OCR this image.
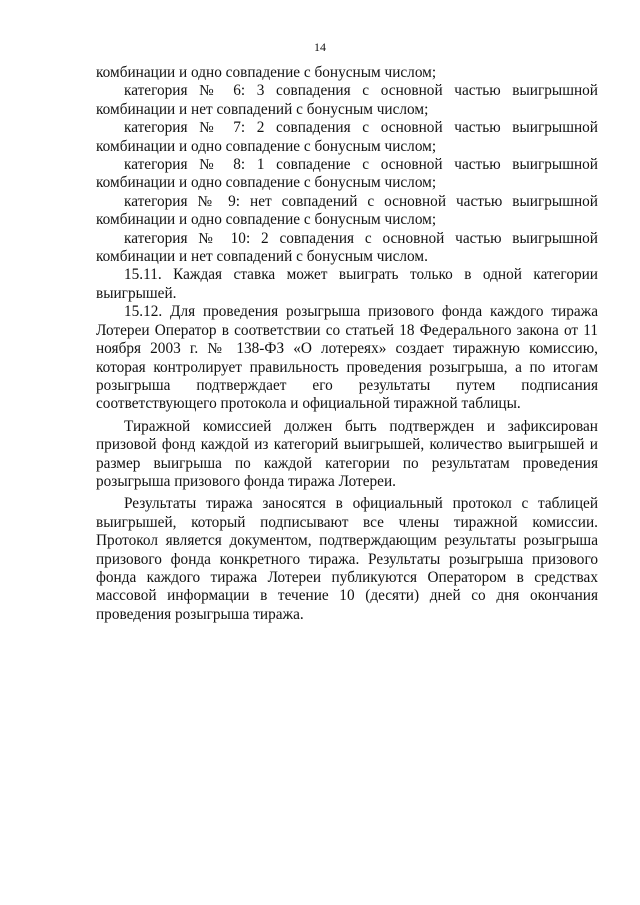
14

комбинации и одно совпадение с бонусным числом;

категория № 6: 3 совпадения с основной частью выигрышной комбинации и нет совпадений с бонусным числом;

категория № 7: 2 совпадения с основной частью выигрышной комбинации и одно совпадение с бонусным числом;

категория № 8: 1 совпадение с основной частью выигрышной комбинации и одно совпадение с бонусным числом;

категория № 9: нет совпадений с основной частью выигрышной комбинации и одно совпадение с бонусным числом;

категория № 10: 2 совпадения с основной частью выигрышной комбинации и нет совпадений с бонусным числом.

15.11. Каждая ставка может выиграть только в одной категории выигрышей.

15.12. Для проведения розыгрыша призового фонда каждого тиража Лотереи Оператор в соответствии со статьей 18 Федерального закона от 11 ноября 2003 г. № 138-ФЗ «О лотереях» создает тиражную комиссию, которая контролирует правильность проведения розыгрыша, а по итогам розыгрыша подтверждает его результаты путем подписания соответствующего протокола и официальной тиражной таблицы.

Тиражной комиссией должен быть подтвержден и зафиксирован призовой фонд каждой из категорий выигрышей, количество выигрышей и размер выигрыша по каждой категории по результатам проведения розыгрыша призового фонда тиража Лотереи.

Результаты тиража заносятся в официальный протокол с таблицей выигрышей, который подписывают все члены тиражной комиссии. Протокол является документом, подтверждающим результаты розыгрыша призового фонда конкретного тиража. Результаты розыгрыша призового фонда каждого тиража Лотереи публикуются Оператором в средствах массовой информации в течение 10 (десяти) дней со дня окончания проведения розыгрыша тиража.
